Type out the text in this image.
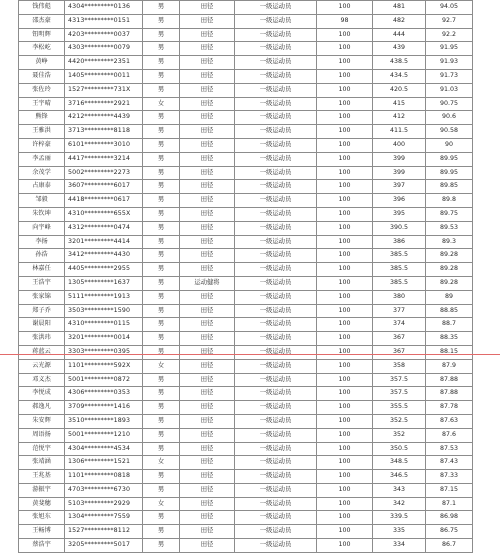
钱伟彪	4304*********0136	男	田径	一级运动员	100	481	94.05
邵杰豪	4313*********0151	男	田径	一级运动员	98	482	92.7
钮明辉	4203*********0037	男	田径	一级运动员	100	444	92.2
李松屹	4303*********0079	男	田径	一级运动员	100	439	91.95
黄峥	4420*********2351	男	田径	一级运动员	100	438.5	91.93
聂佳浩	1405*********0011	男	田径	一级运动员	100	434.5	91.73
张佐玲	1527*********731X	男	田径	一级运动员	100	420.5	91.03
王宇晴	3716*********2921	女	田径	一级运动员	100	415	90.75
熊锋	4212*********4439	男	田径	一级运动员	100	412	90.6
王雅洪	3713*********8118	男	田径	一级运动员	100	411.5	90.58
许梓豪	6101*********3010	男	田径	一级运动员	100	400	90
李孟丽	4417*********3214	男	田径	一级运动员	100	399	89.95
余茂学	5002*********2273	男	田径	一级运动员	100	399	89.95
占康泰	3607*********6017	男	田径	一级运动员	100	397	89.85
邹毅	4418*********0617	男	田径	一级运动员	100	396	89.8
朱钦坤	4310*********655X	男	田径	一级运动员	100	395	89.75
向宇峰	4312*********0474	男	田径	一级运动员	100	390.5	89.53
李扬	3201*********4414	男	田径	一级运动员	100	386	89.3
孙浩	3412*********4430	男	田径	一级运动员	100	385.5	89.28
林嘉任	4405*********2955	男	田径	一级运动员	100	385.5	89.28
王浩宇	1305*********1637	男	运动健将	一级运动员	100	385.5	89.28
张家锦	5111*********1913	男	田径	一级运动员	100	380	89
郑子乔	3503*********1590	男	田径	一级运动员	100	377	88.85
谢晨阳	4310*********0115	男	田径	一级运动员	100	374	88.7
张洪玮	3201*********0014	男	田径	一级运动员	100	367	88.35
蒋蓝云	3303*********0395	男	田径	一级运动员	100	367	88.15
云光源	1101*********592X	女	田径	一级运动员	100	358	87.9
邓义杰	5001*********0872	男	田径	一级运动员	100	357.5	87.88
李悦成	4306*********0353	男	田径	一级运动员	100	357.5	87.88
郝逸凡	3709*********1416	男	田径	一级运动员	100	355.5	87.78
朱安辉	3510*********1893	男	田径	一级运动员	100	352.5	87.63
周语扬	5001*********1210	男	田径	一级运动员	100	352	87.6
范悦宇	4304*********4534	男	田径	一级运动员	100	350.5	87.53
张靖涵	1306*********1521	女	田径	一级运动员	100	348.5	87.43
王兆基	1101*********0818	男	田径	一级运动员	100	346.5	87.33
游振宇	4703*********6730	男	田径	一级运动员	100	343	87.15
黄斐穗	5103*********2929	女	田径	一级运动员	100	342	87.1
张旭东	1304*********7559	男	田径	一级运动员	100	339.5	86.98
王畅博	1527*********8112	男	田径	一级运动员	100	335	86.75
蔡浩宇	3205*********5017	男	田径	一级运动员	100	334	86.7
